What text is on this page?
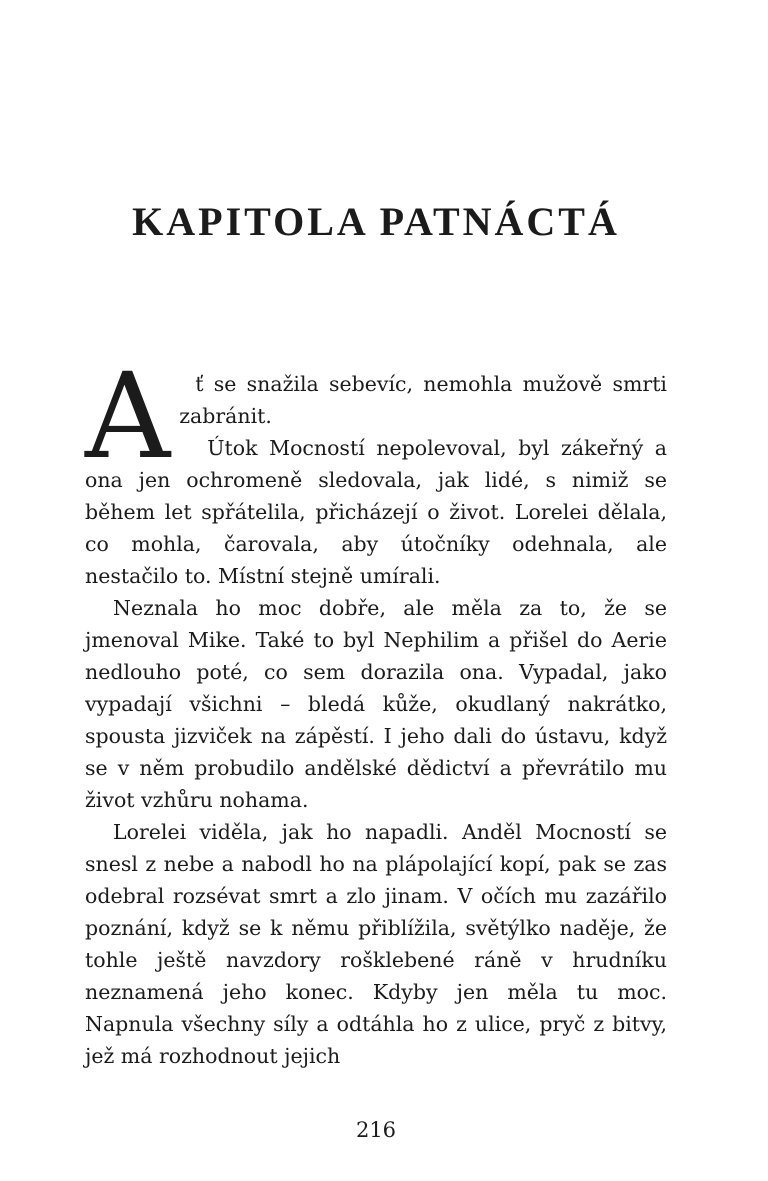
KAPITOLA PATNÁCTÁ
A	ť se snažila sebevíc, nemohla mužově smrti zabránit.

Útok Mocností nepolevoval, byl zákeřný a ona jen ochromeně sledovala, jak lidé, s nimiž se během let spřátelila, přicházejí o život. Lorelei dělala, co mohla, čarovala, aby útočníky odehnala, ale nestačilo to. Místní stejně umírali.

Neznala ho moc dobře, ale měla za to, že se jmenoval Mike. Také to byl Nephilim a přišel do Aerie nedlouho poté, co sem dorazila ona. Vypadal, jako vypadají všichni – bledá kůže, okudlaný nakrátko, spousta jizviček na zápěstí. I jeho dali do ústavu, když se v něm probudilo andělské dědictví a převrátilo mu život vzhůru nohama.

Lorelei viděla, jak ho napadli. Anděl Mocností se snesl z nebe a nabodl ho na plápolající kopí, pak se zas odebral rozsévat smrt a zlo jinam. V očích mu zazářilo poznání, když se k němu přiblížila, světýlko naděje, že tohle ještě navzdory rošklebené ráně v hrudníku neznamená jeho konec. Kdyby jen měla tu moc. Napnula všechny síly a odtáhla ho z ulice, pryč z bitvy, jež má rozhodnout jejich

216
